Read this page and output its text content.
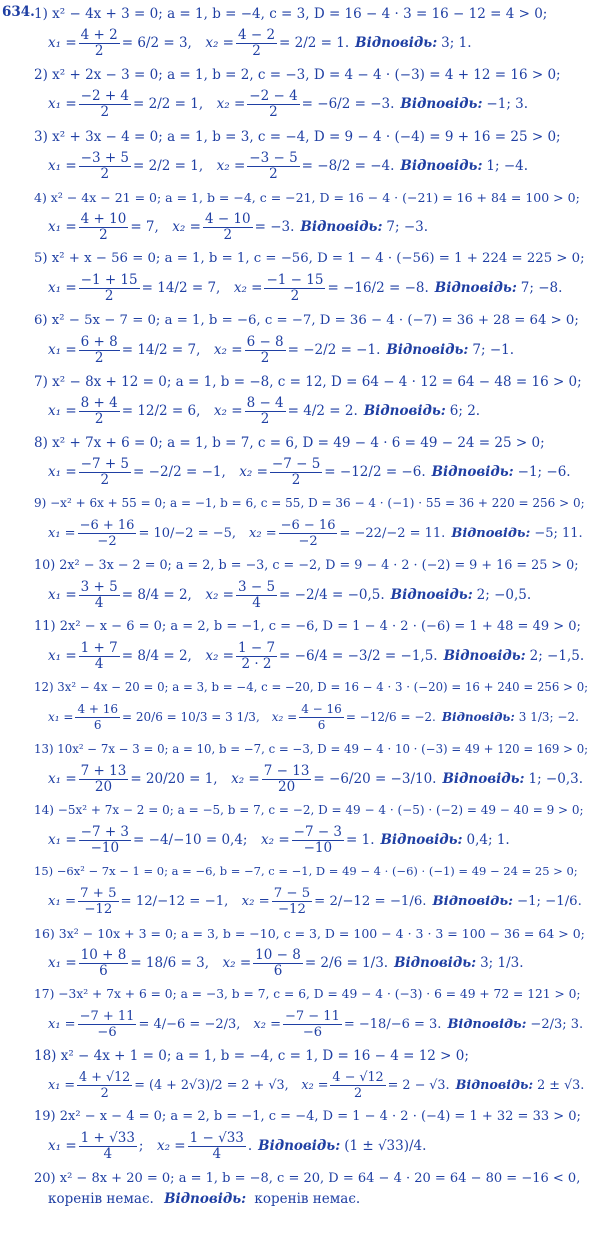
634. 1) x² − 4x + 3 = 0; a = 1, b = −4, c = 3, D = 16 − 4 · 3 = 16 − 12 = 4 > 0;
$x_1 = \frac{4 + 2}{2} = 6/2 = 3$,  $x_2 = \frac{4 - 2}{2} = 2/2 = 1$. Відповідь: 3; 1.
2) x² + 2x − 3 = 0; a = 1, b = 2, c = −3, D = 4 − 4 · (−3) = 4 + 12 = 16 > 0;
$x_1 = \frac{-2 + 4}{2} = 2/2 = 1$,  $x_2 = \frac{-2 - 4}{2} = -6/2 = -3$. Відповідь: −1; 3.
3) x² + 3x − 4 = 0; a = 1, b = 3, c = −4, D = 9 − 4 · (−4) = 9 + 16 = 25 > 0;
$x_1 = \frac{-3 + 5}{2} = 2/2 = 1$,  $x_2 = \frac{-3 - 5}{2} = -8/2 = -4$. Відповідь: 1; −4.
4) x² − 4x − 21 = 0; a = 1, b = −4, c = −21, D = 16 − 4 · (−21) = 16 + 84 = 100 > 0;
$x_1 = \frac{4 + 10}{2} = 7$,  $x_2 = \frac{4 - 10}{2} = -3$. Відповідь: 7; −3.
5) x² + x − 56 = 0; a = 1, b = 1, c = −56, D = 1 − 4 · (−56) = 1 + 224 = 225 > 0;
$x_1 = \frac{-1 + 15}{2} = 14/2 = 7$,  $x_2 = \frac{-1 - 15}{2} = -16/2 = -8$. Відповідь: 7; −8.
6) x² − 5x − 7 = 0; a = 1, b = −6, c = −7, D = 36 − 4 · (−7) = 36 + 28 = 64 > 0;
$x_1 = \frac{6 + 8}{2} = 14/2 = 7$,  $x_2 = \frac{6 - 8}{2} = -2/2 = -1$. Відповідь: 7; −1.
7) x² − 8x + 12 = 0; a = 1, b = −8, c = 12, D = 64 − 4 · 12 = 64 − 48 = 16 > 0;
$x_1 = \frac{8 + 4}{2} = 12/2 = 6$,  $x_2 = \frac{8 - 4}{2} = 4/2 = 2$. Відповідь: 6; 2.
8) x² + 7x + 6 = 0; a = 1, b = 7, c = 6, D = 49 − 4 · 6 = 49 − 24 = 25 > 0;
$x_1 = \frac{-7 + 5}{2} = -2/2 = -1$,  $x_2 = \frac{-7 - 5}{2} = -12/2 = -6$. Відповідь: −1; −6.
9) −x² + 6x + 55 = 0; a = −1, b = 6, c = 55, D = 36 − 4 · (−1) · 55 = 36 + 220 = 256 > 0;
$x_1 = \frac{-6 + 16}{-2} = 10/-2 = -5$,  $x_2 = \frac{-6 - 16}{-2} = -22/-2 = 11$. Відповідь: −5; 11.
10) 2x² − 3x − 2 = 0; a = 2, b = −3, c = −2, D = 9 − 4 · 2 · (−2) = 9 + 16 = 25 > 0;
$x_1 = \frac{3 + 5}{4} = 8/4 = 2$,  $x_2 = \frac{3 - 5}{4} = -2/4 = -0,5$. Відповідь: 2; −0,5.
11) 2x² − x − 6 = 0; a = 2, b = −1, c = −6, D = 1 − 4 · 2 · (−6) = 1 + 48 = 49 > 0;
$x_1 = \frac{1 + 7}{4} = 8/4 = 2$,  $x_2 = \frac{1 - 7}{2 \cdot 2} = -6/4 = -3/2 = -1,5$. Відповідь: 2; −1,5.
12) 3x² − 4x − 20 = 0; a = 3, b = −4, c = −20, D = 16 − 4 · 3 · (−20) = 16 + 240 = 256 > 0;
$x_1 = \frac{4 + 16}{6} = 20/6 = 10/3 = 3$ 1/3,  $x_2 = \frac{4 - 16}{6} = -12/6 = -2$. Відповідь: 3 1/3; −2.
13) 10x² − 7x − 3 = 0; a = 10, b = −7, c = −3, D = 49 − 4 · 10 · (−3) = 49 + 120 = 169 > 0;
$x_1 = \frac{7 + 13}{20} = 20/20 = 1$,  $x_2 = \frac{7 - 13}{20} = -6/20 = -3/10$. Відповідь: 1; −0,3.
14) −5x² + 7x − 2 = 0; a = −5, b = 7, c = −2, D = 49 − 4 · (−5) · (−2) = 49 − 40 = 9 > 0;
$x_1 = \frac{-7 + 3}{-10} = -4/-10 = 0,4$;  $x_2 = \frac{-7 - 3}{-10} = 1$. Відповідь: 0,4; 1.
15) −6x² − 7x − 1 = 0; a = −6, b = −7, c = −1, D = 49 − 4 · (−6) · (−1) = 49 − 24 = 25 > 0;
$x_1 = \frac{7 + 5}{-12} = 12/-12 = -1$,  $x_2 = \frac{7 - 5}{-12} = 2/-12 = -1/6$. Відповідь: −1; −1/6.
16) 3x² − 10x + 3 = 0; a = 3, b = −10, c = 3, D = 100 − 4 · 3 · 3 = 100 − 36 = 64 > 0;
$x_1 = \frac{10 + 8}{6} = 18/6 = 3$,  $x_2 = \frac{10 - 8}{6} = 2/6 = 1/3$. Відповідь: 3; 1/3.
17) −3x² + 7x + 6 = 0; a = −3, b = 7, c = 6, D = 49 − 4 · (−3) · 6 = 49 + 72 = 121 > 0;
$x_1 = \frac{-7 + 11}{-6} = 4/-6 = -2/3$,  $x_2 = \frac{-7 - 11}{-6} = -18/-6 = 3$. Відповідь: −2/3; 3.
18) x² − 4x + 1 = 0; a = 1, b = −4, c = 1, D = 16 − 4 = 12 > 0;
$x_1 = \frac{4 + √12}{2} = (4 + 2√3)/2 = 2 + √3$,  $x_2 = \frac{4 - √12}{2} = 2 - √3$. Відповідь: 2 ± √3.
19) 2x² − x − 4 = 0; a = 2, b = −1, c = −4, D = 1 − 4 · 2 · (−4) = 1 + 32 = 33 > 0;
$x_1 = \frac{1 + √33}{4}$ ;  $x_2 = \frac{1 - √33}{4}$ . Відповідь: (1 ± √33)/4.
20) x² − 8x + 20 = 0; a = 1, b = −8, c = 20, D = 64 − 4 · 20 = 64 − 80 = −16 < 0,
коренів немає. Відповідь: коренів немає.
